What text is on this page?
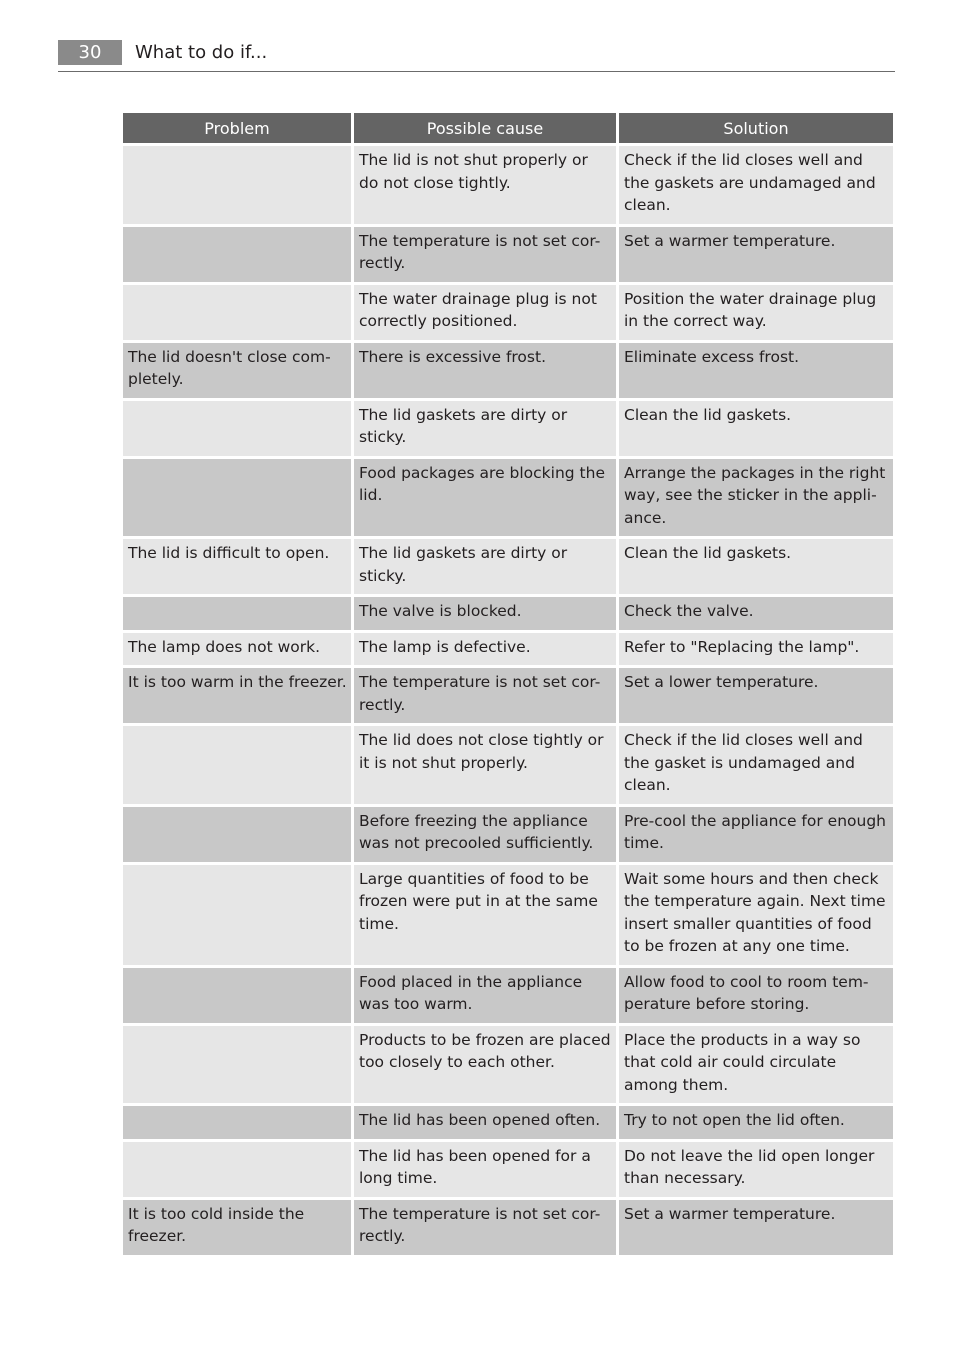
30	What to do if...
Problem	Possible cause	Solution
	The lid is not shut properly or do not close tightly.	Check if the lid closes well and the gaskets are undamaged and clean.
	The temperature is not set cor-rectly.	Set a warmer temperature.
	The water drainage plug is not correctly positioned.	Position the water drainage plug in the correct way.
The lid doesn't close com-pletely.	There is excessive frost.	Eliminate excess frost.
	The lid gaskets are dirty or sticky.	Clean the lid gaskets.
	Food packages are blocking the lid.	Arrange the packages in the right way, see the sticker in the appli-ance.
The lid is difficult to open.	The lid gaskets are dirty or sticky.	Clean the lid gaskets.
	The valve is blocked.	Check the valve.
The lamp does not work.	The lamp is defective.	Refer to "Replacing the lamp".
It is too warm in the freezer.	The temperature is not set cor-rectly.	Set a lower temperature.
	The lid does not close tightly or it is not shut properly.	Check if the lid closes well and the gasket is undamaged and clean.
	Before freezing the appliance was not precooled sufficiently.	Pre-cool the appliance for enough time.
	Large quantities of food to be frozen were put in at the same time.	Wait some hours and then check the temperature again. Next time insert smaller quantities of food to be frozen at any one time.
	Food placed in the appliance was too warm.	Allow food to cool to room tem-perature before storing.
	Products to be frozen are placed too closely to each other.	Place the products in a way so that cold air could circulate among them.
	The lid has been opened often.	Try to not open the lid often.
	The lid has been opened for a long time.	Do not leave the lid open longer than necessary.
It is too cold inside the freezer.	The temperature is not set cor-rectly.	Set a warmer temperature.
